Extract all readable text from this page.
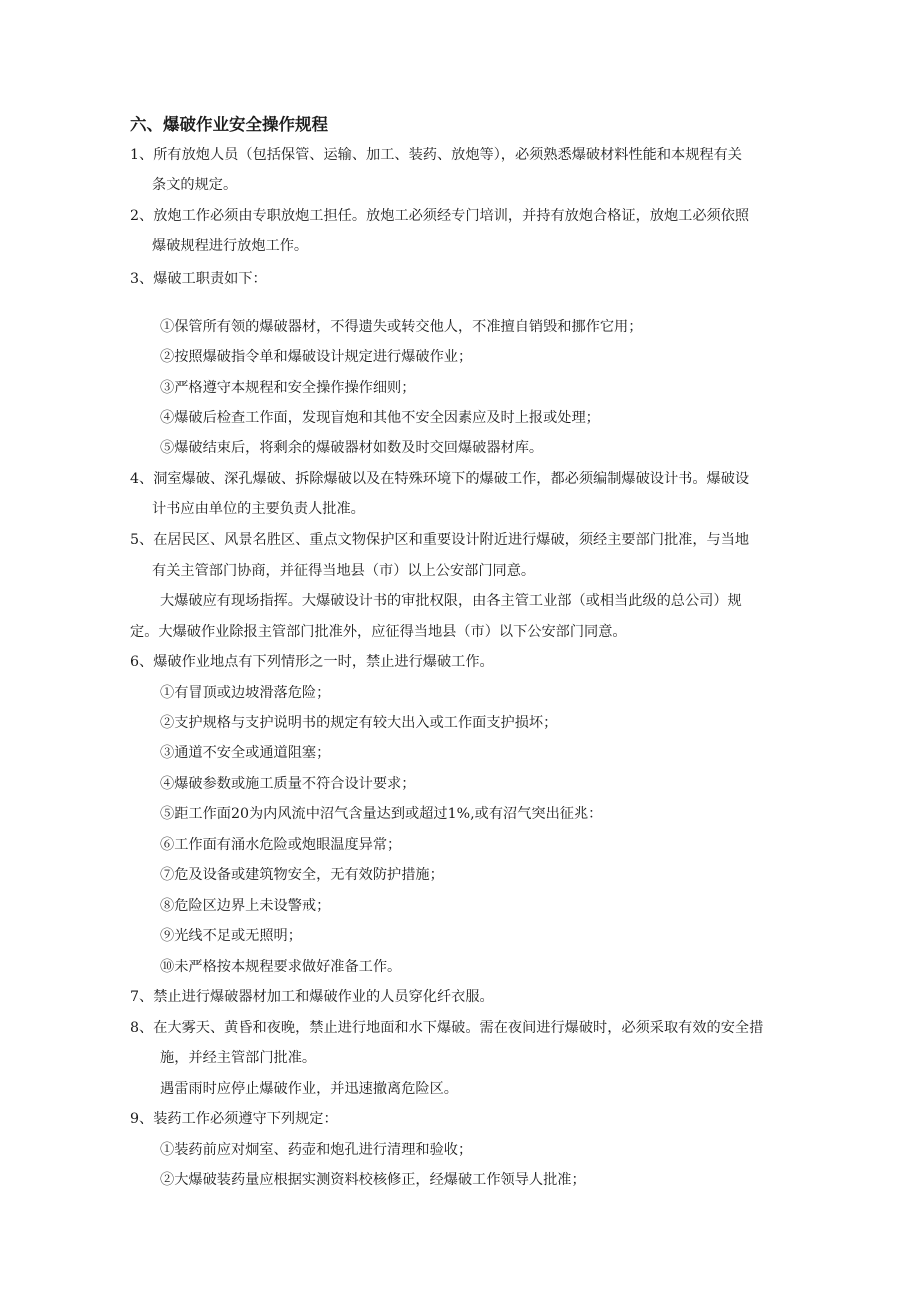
六、爆破作业安全操作规程
1、所有放炮人员（包括保管、运输、加工、装药、放炮等），必须熟悉爆破材料性能和本规程有关
条文的规定。
2、放炮工作必须由专职放炮工担任。放炮工必须经专门培训，并持有放炮合格证，放炮工必须依照
爆破规程进行放炮工作。
3、爆破工职责如下：
①保管所有领的爆破器材，不得遗失或转交他人，不准擅自销毁和挪作它用；
②按照爆破指令单和爆破设计规定进行爆破作业；
③严格遵守本规程和安全操作操作细则；
④爆破后检查工作面，发现盲炮和其他不安全因素应及时上报或处理；
⑤爆破结束后，将剩余的爆破器材如数及时交回爆破器材库。
4、洞室爆破、深孔爆破、拆除爆破以及在特殊环境下的爆破工作，都必须编制爆破设计书。爆破设
计书应由单位的主要负责人批准。
5、在居民区、风景名胜区、重点文物保护区和重要设计附近进行爆破，须经主要部门批准，与当地
有关主管部门协商，并征得当地县（市）以上公安部门同意。
大爆破应有现场指挥。大爆破设计书的审批权限，由各主管工业部（或相当此级的总公司）规
定。大爆破作业除报主管部门批准外，应征得当地县（市）以下公安部门同意。
6、爆破作业地点有下列情形之一时，禁止进行爆破工作。
①有冒顶或边坡滑落危险；
②支护规格与支护说明书的规定有较大出入或工作面支护损坏；
③通道不安全或通道阻塞；
④爆破参数或施工质量不符合设计要求；
⑤距工作面20为内风流中沼气含量达到或超过1%,或有沼气突出征兆：
⑥工作面有涌水危险或炮眼温度异常；
⑦危及设备或建筑物安全，无有效防护措施；
⑧危险区边界上未设警戒；
⑨光线不足或无照明；
⑩未严格按本规程要求做好准备工作。
7、禁止进行爆破器材加工和爆破作业的人员穿化纤衣服。
8、在大雾天、黄昏和夜晚，禁止进行地面和水下爆破。需在夜间进行爆破时，必须采取有效的安全措
施，并经主管部门批准。
遇雷雨时应停止爆破作业，并迅速撤离危险区。
9、装药工作必须遵守下列规定：
①装药前应对炯室、药壶和炮孔进行清理和验收；
②大爆破装药量应根据实测资料校核修正，经爆破工作领导人批准；
